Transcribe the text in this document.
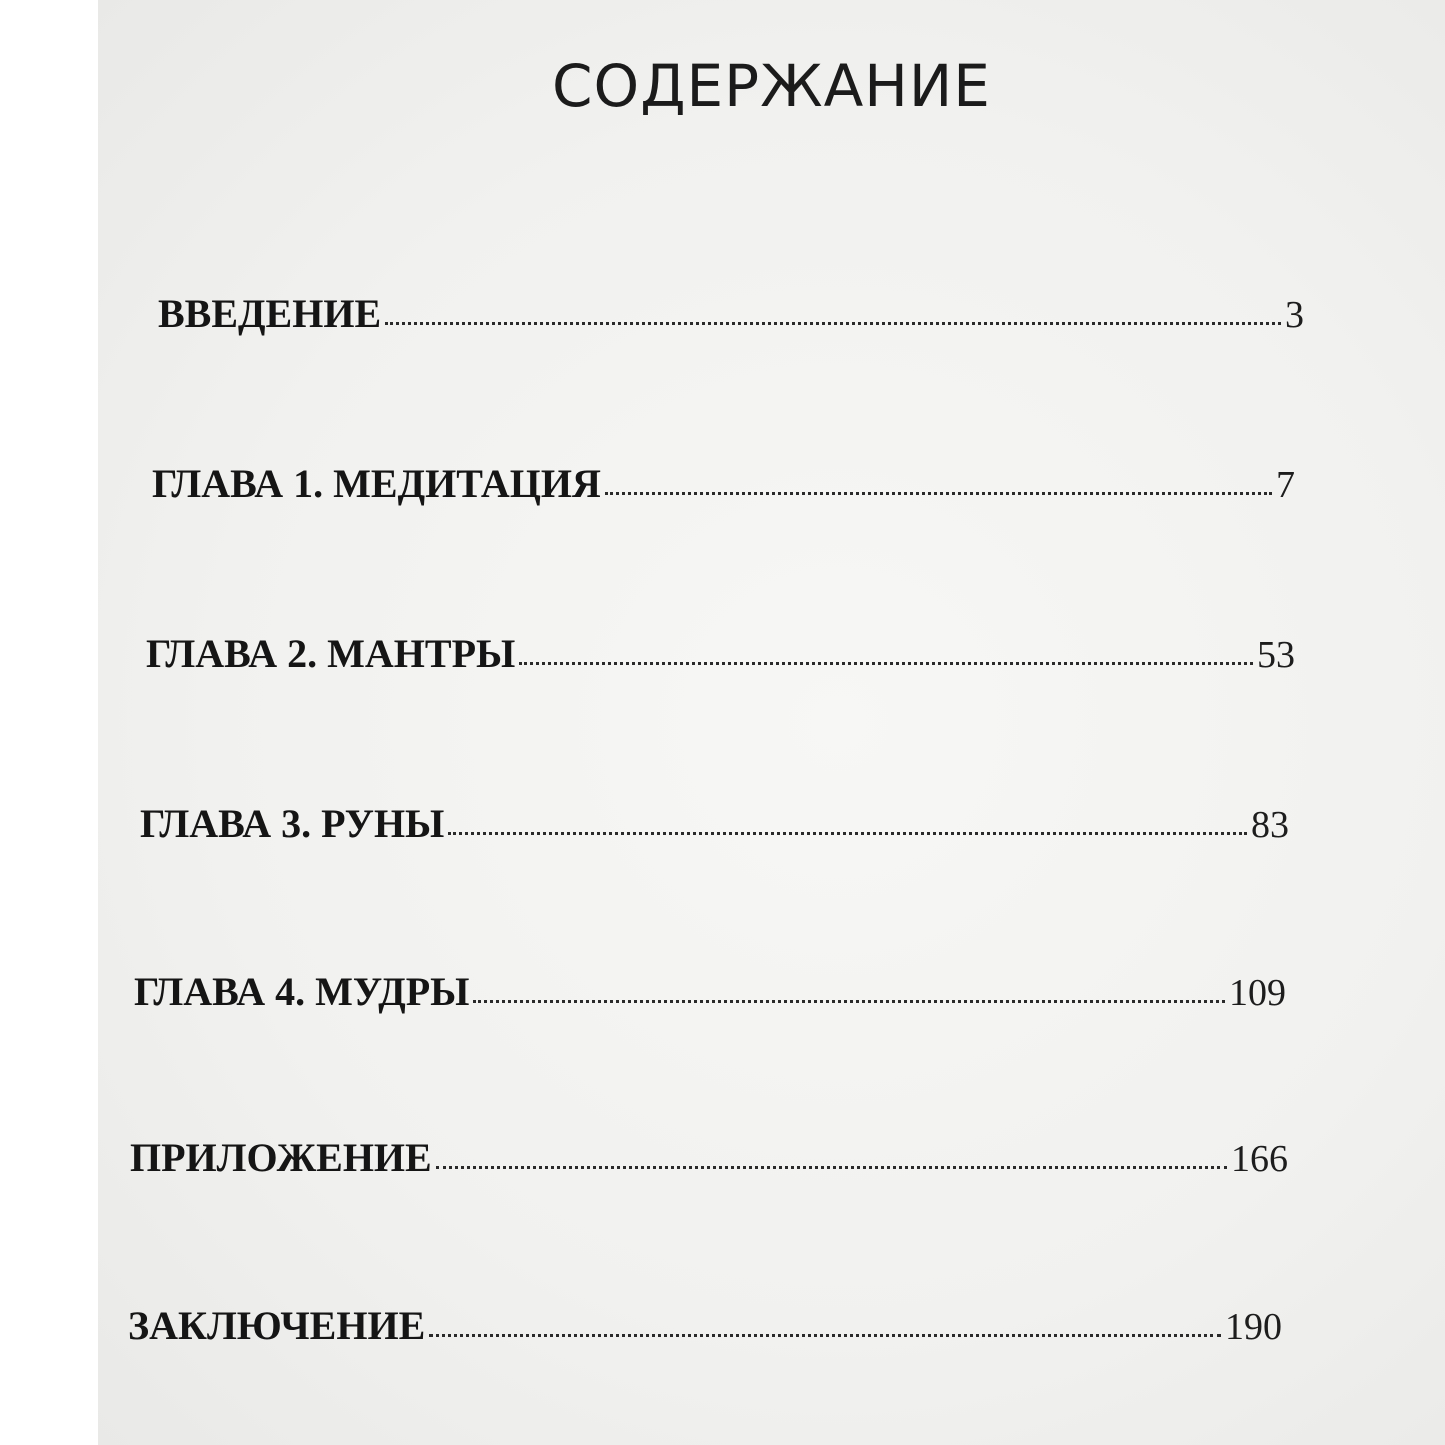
СОДЕРЖАНИЕ
ВВЕДЕНИЕ	3
ГЛАВА 1. МЕДИТАЦИЯ	7
ГЛАВА 2. МАНТРЫ	53
ГЛАВА 3. РУНЫ	83
ГЛАВА 4. МУДРЫ	109
ПРИЛОЖЕНИЕ	166
ЗАКЛЮЧЕНИЕ	190
